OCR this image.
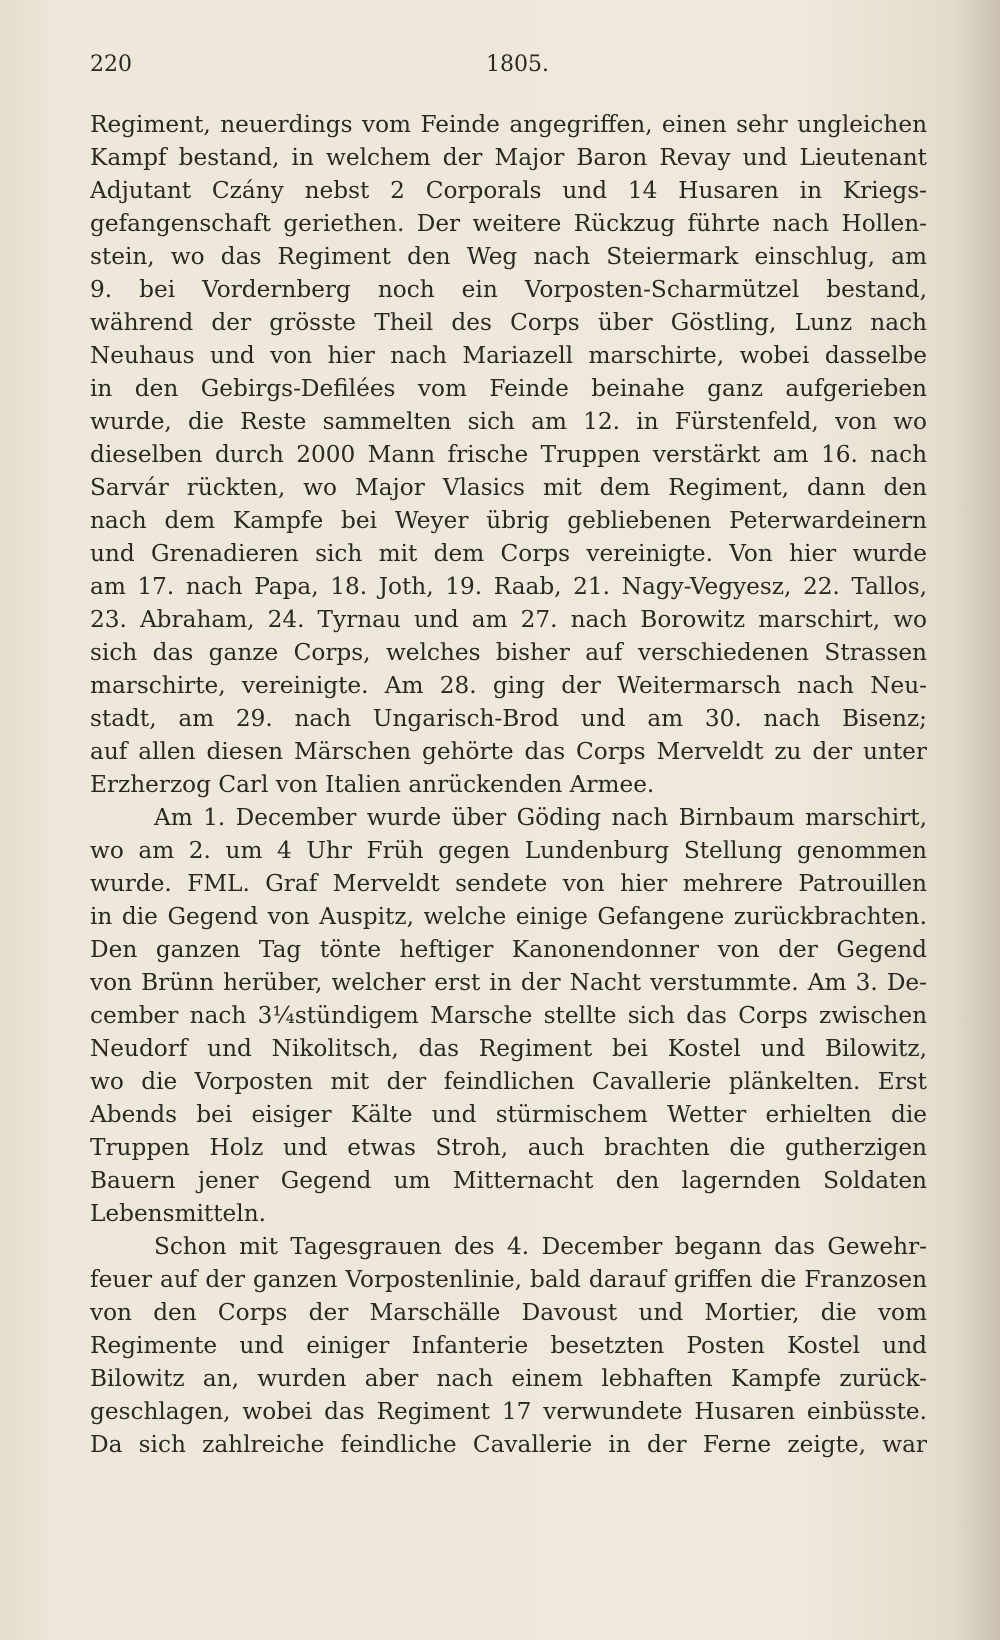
220	1805.
Regiment, neuerdings vom Feinde angegriffen, einen sehr ungleichen
Kampf bestand, in welchem der Major Baron Revay und Lieutenant
Adjutant Czány nebst 2 Corporals und 14 Husaren in Kriegs-
gefangenschaft geriethen. Der weitere Rückzug führte nach Hollen-
stein, wo das Regiment den Weg nach Steiermark einschlug, am
9. bei Vordernberg noch ein Vorposten-Scharmützel bestand,
während der grösste Theil des Corps über Göstling, Lunz nach
Neuhaus und von hier nach Mariazell marschirte, wobei dasselbe
in den Gebirgs-Defilées vom Feinde beinahe ganz aufgerieben
wurde, die Reste sammelten sich am 12. in Fürstenfeld, von wo
dieselben durch 2000 Mann frische Truppen verstärkt am 16. nach
Sarvár rückten, wo Major Vlasics mit dem Regiment, dann den
nach dem Kampfe bei Weyer übrig gebliebenen Peterwardeinern
und Grenadieren sich mit dem Corps vereinigte. Von hier wurde
am 17. nach Papa, 18. Joth, 19. Raab, 21. Nagy-Vegyesz, 22. Tallos,
23. Abraham, 24. Tyrnau und am 27. nach Borowitz marschirt, wo
sich das ganze Corps, welches bisher auf verschiedenen Strassen
marschirte, vereinigte. Am 28. ging der Weitermarsch nach Neu-
stadt, am 29. nach Ungarisch-Brod und am 30. nach Bisenz;
auf allen diesen Märschen gehörte das Corps Merveldt zu der unter
Erzherzog Carl von Italien anrückenden Armee.
Am 1. December wurde über Göding nach Birnbaum marschirt,
wo am 2. um 4 Uhr Früh gegen Lundenburg Stellung genommen
wurde. FML. Graf Merveldt sendete von hier mehrere Patrouillen
in die Gegend von Auspitz, welche einige Gefangene zurückbrachten.
Den ganzen Tag tönte heftiger Kanonendonner von der Gegend
von Brünn herüber, welcher erst in der Nacht verstummte. Am 3. De-
cember nach 3¼stündigem Marsche stellte sich das Corps zwischen
Neudorf und Nikolitsch, das Regiment bei Kostel und Bilowitz,
wo die Vorposten mit der feindlichen Cavallerie plänkelten. Erst
Abends bei eisiger Kälte und stürmischem Wetter erhielten die
Truppen Holz und etwas Stroh, auch brachten die gutherzigen
Bauern jener Gegend um Mitternacht den lagernden Soldaten
Lebensmitteln.
Schon mit Tagesgrauen des 4. December begann das Gewehr-
feuer auf der ganzen Vorpostenlinie, bald darauf griffen die Franzosen
von den Corps der Marschälle Davoust und Mortier, die vom
Regimente und einiger Infanterie besetzten Posten Kostel und
Bilowitz an, wurden aber nach einem lebhaften Kampfe zurück-
geschlagen, wobei das Regiment 17 verwundete Husaren einbüsste.
Da sich zahlreiche feindliche Cavallerie in der Ferne zeigte, war
